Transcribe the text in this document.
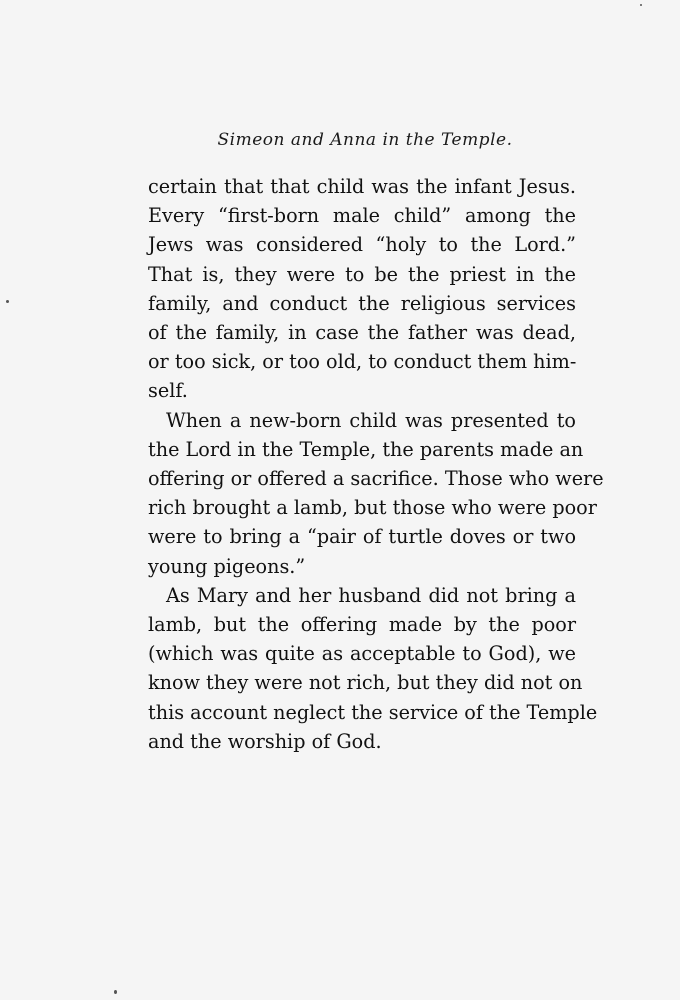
Simeon and Anna in the Temple.

certain that that child was the infant Jesus.
Every “first-born male child” among the
Jews was considered “holy to the Lord.”
That is, they were to be the priest in the
family, and conduct the religious services
of the family, in case the father was dead,
or too sick, or too old, to conduct them him-
self.

When a new-born child was presented to
the Lord in the Temple, the parents made an
offering or offered a sacrifice. Those who were
rich brought a lamb, but those who were poor
were to bring a “pair of turtle doves or two
young pigeons.”

As Mary and her husband did not bring a
lamb, but the offering made by the poor
(which was quite as acceptable to God), we
know they were not rich, but they did not on
this account neglect the service of the Temple
and the worship of God.
